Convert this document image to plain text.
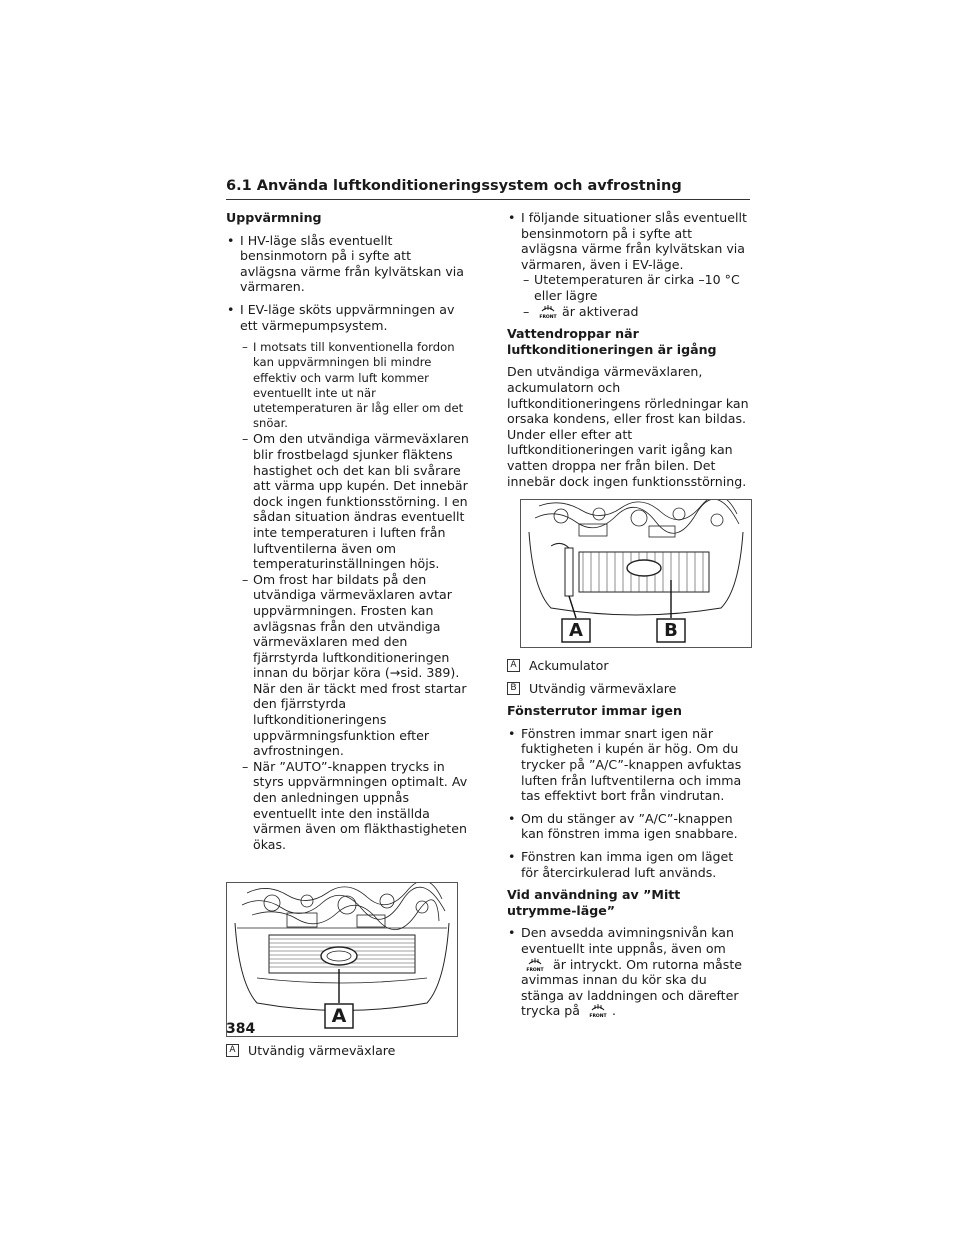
6.1 Använda luftkonditioneringssystem och avfrostning
Uppvärmning
• I HV-läge slås eventuellt bensinmotorn på i syfte att avlägsna värme från kylvätskan via värmaren.
• I EV-läge sköts uppvärmningen av ett värmepumpsystem.
– I motsats till konventionella fordon kan uppvärmningen bli mindre effektiv och varm luft kommer eventuellt inte ut när utetemperaturen är låg eller om det snöar.
– Om den utvändiga värmeväxlaren blir frostbelagd sjunker fläktens hastighet och det kan bli svårare att värma upp kupén. Det innebär dock ingen funktionsstörning. I en sådan situation ändras eventuellt inte temperaturen i luften från luftventilerna även om temperaturinställningen höjs.
– Om frost har bildats på den utvändiga värmeväxlaren avtar uppvärmningen. Frosten kan avlägsnas från den utvändiga värmeväxlaren med den fjärrstyrda luftkonditioneringen innan du börjar köra (→sid. 389). När den är täckt med frost startar den fjärrstyrda luftkonditioneringens uppvärmningsfunktion efter avfrostningen.
– När ”AUTO”-knappen trycks in styrs uppvärmningen optimalt. Av den anledningen uppnås eventuellt inte den inställda värmen även om fläkthastigheten ökas.
A
A Utvändig värmeväxlare
• I följande situationer slås eventuellt bensinmotorn på i syfte att avlägsna värme från kylvätskan via värmaren, även i EV-läge.
– Utetemperaturen är cirka –10 °C eller lägre
– FRONT är aktiverad
Vattendroppar när luftkonditioneringen är igång
Den utvändiga värmeväxlaren, ackumulatorn och luftkonditioneringens rörledningar kan orsaka kondens, eller frost kan bildas. Under eller efter att luftkonditioneringen varit igång kan vatten droppa ner från bilen. Det innebär dock ingen funktionsstörning.
A	B
A Ackumulator
B Utvändig värmeväxlare
Fönsterrutor immar igen
• Fönstren immar snart igen när fuktigheten i kupén är hög. Om du trycker på ”A/C”-knappen avfuktas luften från luftventilerna och imma tas effektivt bort från vindrutan.
• Om du stänger av ”A/C”-knappen kan fönstren imma igen snabbare.
• Fönstren kan imma igen om läget för återcirkulerad luft används.
Vid användning av ”Mitt utrymme-läge”
• Den avsedda avimningsnivån kan eventuellt inte uppnås, även om
FRONT är intryckt. Om rutorna måste avimmas innan du kör ska du stänga av laddningen och därefter trycka på FRONT .
384
